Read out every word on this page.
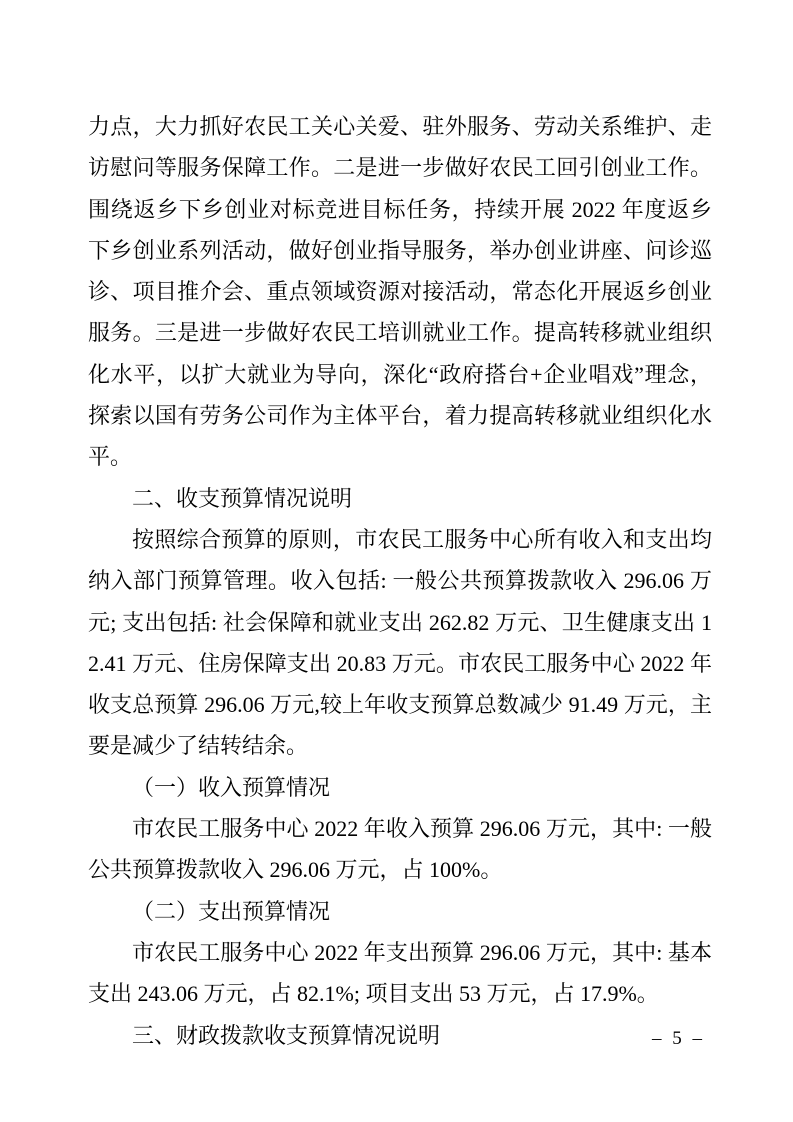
力点，大力抓好农民工关心关爱、驻外服务、劳动关系维护、走访慰问等服务保障工作。二是进一步做好农民工回引创业工作。围绕返乡下乡创业对标竞进目标任务，持续开展 2022 年度返乡下乡创业系列活动，做好创业指导服务，举办创业讲座、问诊巡诊、项目推介会、重点领域资源对接活动，常态化开展返乡创业服务。三是进一步做好农民工培训就业工作。提高转移就业组织化水平，以扩大就业为导向，深化“政府搭台+企业唱戏”理念，探索以国有劳务公司作为主体平台，着力提高转移就业组织化水平。

二、收支预算情况说明

按照综合预算的原则，市农民工服务中心所有收入和支出均纳入部门预算管理。收入包括: 一般公共预算拨款收入 296.06 万元; 支出包括: 社会保障和就业支出 262.82 万元、卫生健康支出 12.41 万元、住房保障支出 20.83 万元。市农民工服务中心 2022 年收支总预算 296.06 万元,较上年收支预算总数减少 91.49 万元，主要是减少了结转结余。

（一）收入预算情况

市农民工服务中心 2022 年收入预算 296.06 万元，其中: 一般公共预算拨款收入 296.06 万元，占 100%。

（二）支出预算情况

市农民工服务中心 2022 年支出预算 296.06 万元，其中: 基本支出 243.06 万元，占 82.1%; 项目支出 53 万元，占 17.9%。

三、财政拨款收支预算情况说明	– 5 –
